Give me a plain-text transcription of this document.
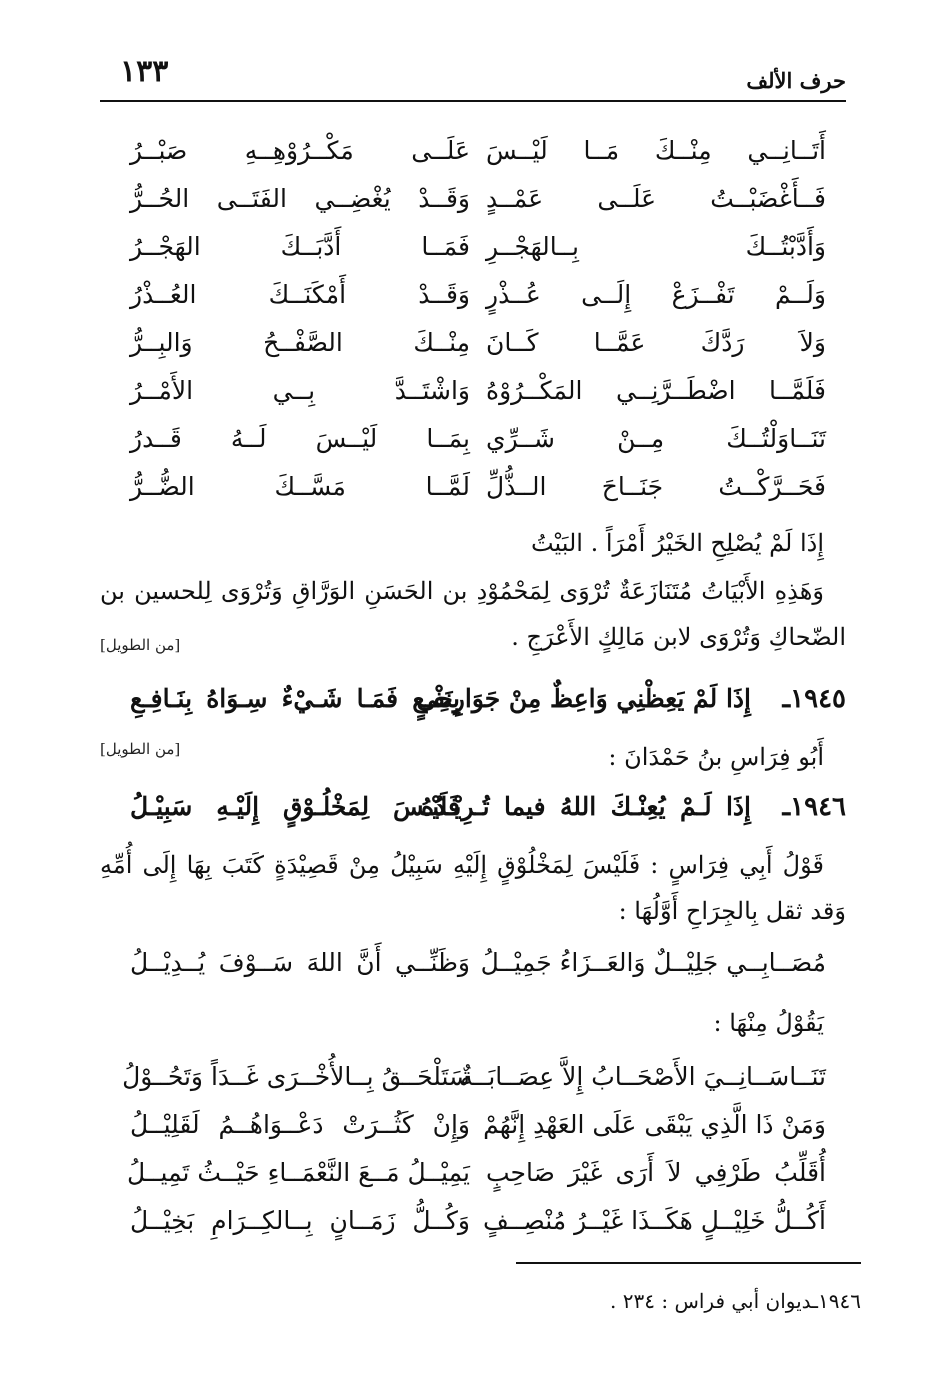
حرف الألف
١٣٣
أَتَــانِــي مِنْــكَ مَــا لَيْــسَ
عَلَــى مَكْــرُوْهِــهِ صَبْــرُ
فَــأَغْضَبْــتُ عَلَــى عَمْــدٍ
وَقَــدْ يُغْضِــي الفَتَــى الحُــرُّ
وَأَدَّبْتُــكَ بِــالهَجْــرِ
فَمَــا أَدَّبَــكَ الهَجْــرُ
وَلَــمْ تَفْــزَعْ إِلَــى عُــذْرٍ
وَقَــدْ أَمْكَنَــكَ العُــذْرُ
وَلاَ رَدَّكَ عَمَّــا كَــانَ
مِنْــكَ الصَّفْــحُ وَالبِــرُّ
فَلَمَّــا اضْطَــرَّنِــي المَكْــرُوْهُ
وَاشْتَــدَّ بِــي الأَمْــرُ
تَنَــاوَلْتُــكَ مِــنْ شَــرِّي
بِمَــا لَيْــسَ لَــهُ قَــدرُ
فَحَــرَّكْــتُ جَنَــاحَ الــذُّلِّ
لَمَّــا مَسَّــكَ الضُّــرُّ
إِذَا لَمْ يُصْلِحِ الخَيْرُ أَمْرَاً . البَيْتُ
وَهَذِهِ الأَبْيَاتُ مُتَنَازَعَةٌ تُرْوَى لِمَحْمُوْدِ بن الحَسَنِ الوَرَّاقِ وَتُرْوَى لِلحسين بن الضّحاكِ وَتُرْوَى لابن مَالِكٍ الأَعْرَجِ .
[من الطويل]
١٩٤٥ـ
إِذَا لَمْ يَعِظْنِي وَاعِظٌ مِنْ جَوَارِحِي
بِنَفْـعٍ فَمَـا شَـيْءٌ سِـوَاهُ بِنَـافِـعِ
أَبُو فِرَاسِ بنُ حَمْدَانَ :
[من الطويل]
١٩٤٦ـ
إِذَا لَـمْ يُعِنْـكَ اللهُ فيما تُـرِيْـدُهُ
فَلَيْـسَ لِمَخْلُـوْقٍ إِلَيْـهِ سَبِيْـلُ
قَوْلُ أَبِي فِرَاسٍ : فَلَيْسَ لِمَخْلُوْقٍ إِلَيْهِ سَبِيْلُ مِنْ قَصِيْدَةٍ كَتَبَ بِهَا إِلَى أُمِّهِ وَقد ثقل بِالجِرَاحِ أَوَّلُهَا :
مُصَــابِــي جَلِيْــلٌ وَالعَــزَاءُ جَمِيْــلُ
وَظَنِّــي أَنَّ اللهَ سَــوْفَ يُــدِيْــلُ
يَقُوْلُ مِنْهَا :
تَنَــاسَــانِــيَ الأَصْحَــابُ إِلاَّ عِصَــابَــةٌ
سَتَلْحَــقُ بِــالأُخْــرَى غَــدَاً وَتَحُــوْلُ
وَمَنْ ذَا الَّذِي يَبْقَى عَلَى العَهْدِ إِنَّهُمْ
وَإِنْ كَثُــرَتْ دَعْــوَاهُــمُ لَقَلِيْــلُ
أُقَلِّبُ طَرْفِي لاَ أَرَى غَيْرَ صَاحِبٍ
يَمِيْــلُ مَــعَ النَّعْمَــاءِ حَيْــثُ تَمِيــلُ
أَكُــلُّ خَلِيْــلٍ هَكَــذَا غَيْــرُ مُنْصِــفٍ
وَكُــلُّ زَمَــانٍ بِــالكِــرَامِ بَخِيْــلُ
١٩٤٦ـديوان أبي فراس : ٢٣٤ .
